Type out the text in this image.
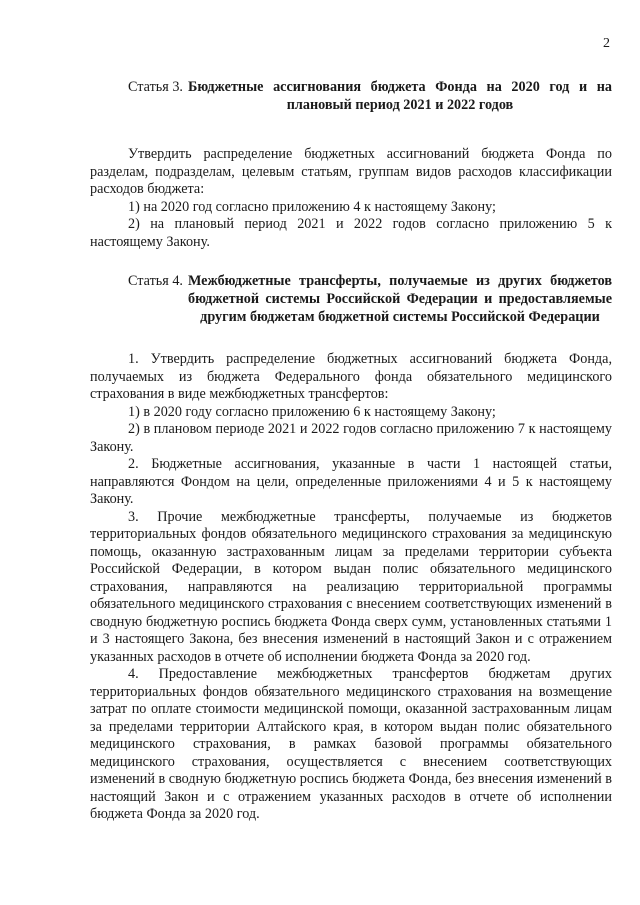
2
Статья 3. Бюджетные ассигнования бюджета Фонда на 2020 год и на плановый период 2021 и 2022 годов

Утвердить распределение бюджетных ассигнований бюджета Фонда по разделам, подразделам, целевым статьям, группам видов расходов классификации расходов бюджета:

1) на 2020 год согласно приложению 4 к настоящему Закону;

2) на плановый период 2021 и 2022 годов согласно приложению 5 к настоящему Закону.

Статья 4. Межбюджетные трансферты, получаемые из других бюджетов бюджетной системы Российской Федерации и предоставляемые другим бюджетам бюджетной системы Российской Федерации

1. Утвердить распределение бюджетных ассигнований бюджета Фонда, получаемых из бюджета Федерального фонда обязательного медицинского страхования в виде межбюджетных трансфертов:

1) в 2020 году согласно приложению 6 к настоящему Закону;

2) в плановом периоде 2021 и 2022 годов согласно приложению 7 к настоящему Закону.

2. Бюджетные ассигнования, указанные в части 1 настоящей статьи, направляются Фондом на цели, определенные приложениями 4 и 5 к настоящему Закону.

3. Прочие межбюджетные трансферты, получаемые из бюджетов территориальных фондов обязательного медицинского страхования за медицинскую помощь, оказанную застрахованным лицам за пределами территории субъекта Российской Федерации, в котором выдан полис обязательного медицинского страхования, направляются на реализацию территориальной программы обязательного медицинского страхования с внесением соответствующих изменений в сводную бюджетную роспись бюджета Фонда сверх сумм, установленных статьями 1 и 3 настоящего Закона, без внесения изменений в настоящий Закон и с отражением указанных расходов в отчете об исполнении бюджета Фонда за 2020 год.

4. Предоставление межбюджетных трансфертов бюджетам других территориальных фондов обязательного медицинского страхования на возмещение затрат по оплате стоимости медицинской помощи, оказанной застрахованным лицам за пределами территории Алтайского края, в котором выдан полис обязательного медицинского страхования, в рамках базовой программы обязательного медицинского страхования, осуществляется с внесением соответствующих изменений в сводную бюджетную роспись бюджета Фонда, без внесения изменений в настоящий Закон и с отражением указанных расходов в отчете об исполнении бюджета Фонда за 2020 год.
